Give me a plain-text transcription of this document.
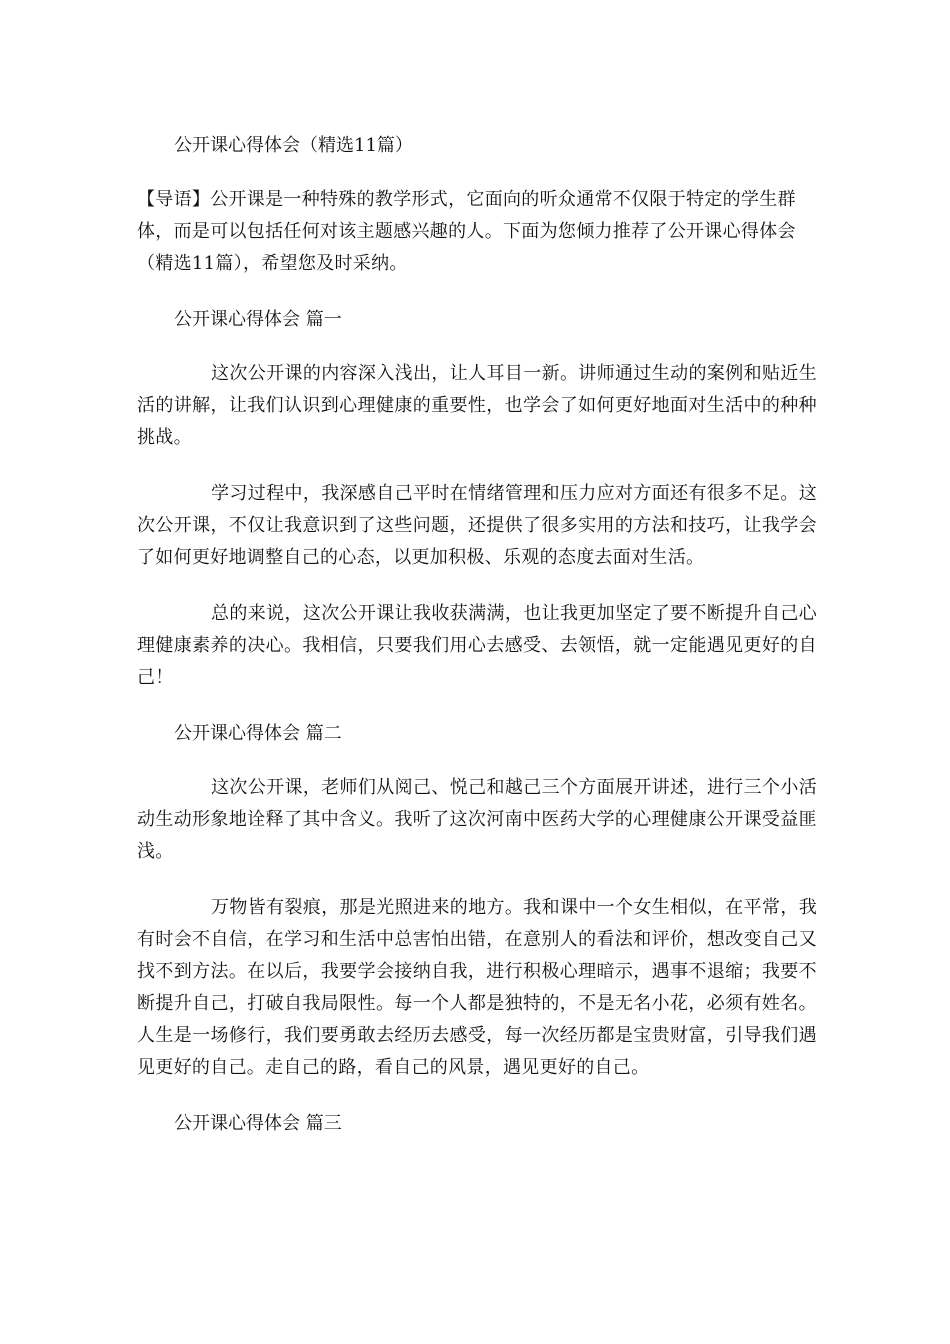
公开课心得体会（精选11篇）
【导语】公开课是一种特殊的教学形式，它面向的听众通常不仅限于特定的学生群体，而是可以包括任何对该主题感兴趣的人。下面为您倾力推荐了公开课心得体会（精选11篇），希望您及时采纳。
公开课心得体会 篇一
这次公开课的内容深入浅出，让人耳目一新。讲师通过生动的案例和贴近生活的讲解，让我们认识到心理健康的重要性，也学会了如何更好地面对生活中的种种挑战。
学习过程中，我深感自己平时在情绪管理和压力应对方面还有很多不足。这次公开课，不仅让我意识到了这些问题，还提供了很多实用的方法和技巧，让我学会了如何更好地调整自己的心态，以更加积极、乐观的态度去面对生活。
总的来说，这次公开课让我收获满满，也让我更加坚定了要不断提升自己心理健康素养的决心。我相信，只要我们用心去感受、去领悟，就一定能遇见更好的自己！
公开课心得体会 篇二
这次公开课，老师们从阅己、悦己和越己三个方面展开讲述，进行三个小活动生动形象地诠释了其中含义。我听了这次河南中医药大学的心理健康公开课受益匪浅。
万物皆有裂痕，那是光照进来的地方。我和课中一个女生相似，在平常，我有时会不自信，在学习和生活中总害怕出错，在意别人的看法和评价，想改变自己又找不到方法。在以后，我要学会接纳自我，进行积极心理暗示，遇事不退缩；我要不断提升自己，打破自我局限性。每一个人都是独特的，不是无名小花，必须有姓名。人生是一场修行，我们要勇敢去经历去感受，每一次经历都是宝贵财富，引导我们遇见更好的自己。走自己的路，看自己的风景，遇见更好的自己。
公开课心得体会 篇三
